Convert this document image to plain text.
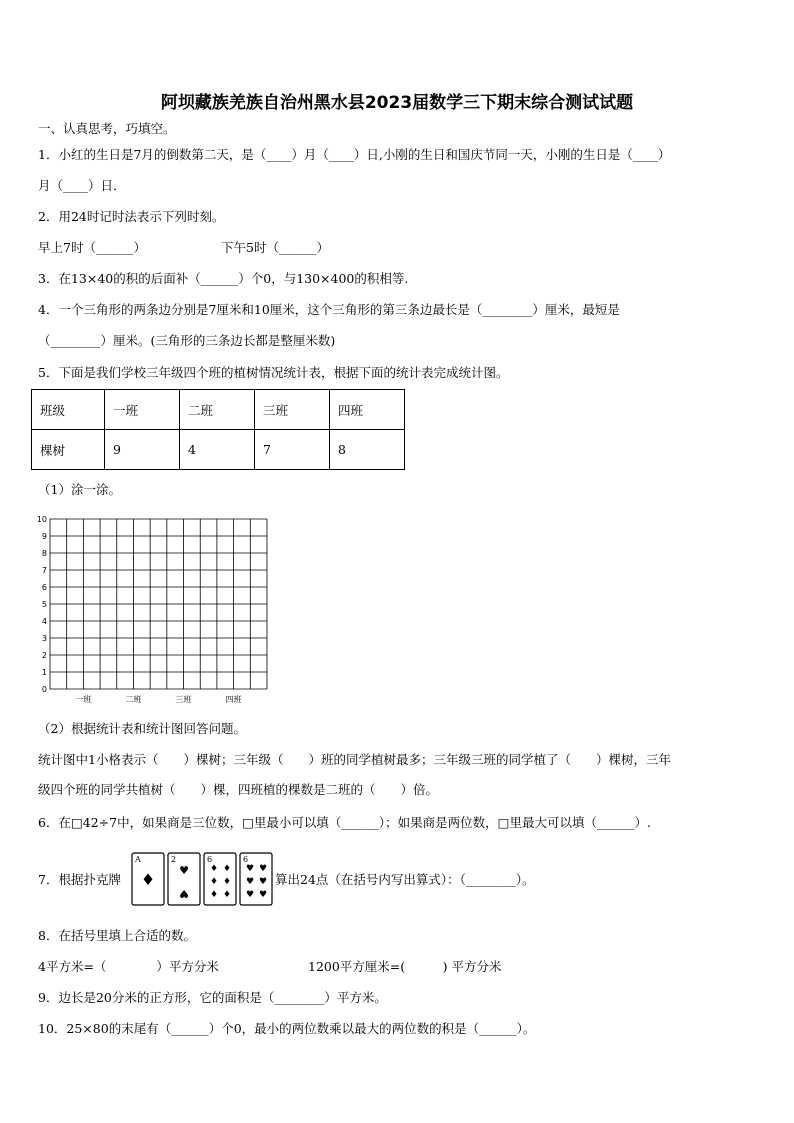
阿坝藏族羌族自治州黑水县2023届数学三下期末综合测试试题
一、认真思考，巧填空。
1．小红的生日是7月的倒数第二天，是（____）月（____）日,小刚的生日和国庆节同一天，小刚的生日是（____）
月（____）日．
2．用24时记时法表示下列时刻。
早上7时（______）	下午5时（______）
3．在13×40的积的后面补（______）个0，与130×400的积相等.
4．一个三角形的两条边分别是7厘米和10厘米，这个三角形的第三条边最长是（________）厘米，最短是
（________）厘米。(三角形的三条边长都是整厘米数)
5．下面是我们学校三年级四个班的植树情况统计表，根据下面的统计表完成统计图。
班级	一班	二班	三班	四班
棵树	9	4	7	8
（1）涂一涂。
0
1
2
3
4
5
6
7
8
9
10
一班	二班	三班	四班
（2）根据统计表和统计图回答问题。
统计图中1小格表示（　　）棵树；三年级（　　）班的同学植树最多；三年级三班的同学植了（　　）棵树，三年
级四个班的同学共植树（　　）棵，四班植的棵数是二班的（　　）倍。
6．在□42÷7中，如果商是三位数，□里最小可以填（______）；如果商是两位数，□里最大可以填（______）.
7．根据扑克牌
A
♦
2
♥
♥
6
♦ ♦
♦ ♦
♦ ♦
6
♥ ♥
♥ ♥
♥ ♥
算出24点（在括号内写出算式）：（________）。
8．在括号里填上合适的数。
4平方米=（　　　　）平方分米	1200平方厘米=(　　　) 平方分米
9．边长是20分米的正方形，它的面积是（________）平方米。
10．25×80的末尾有（______）个0，最小的两位数乘以最大的两位数的积是（______）。
